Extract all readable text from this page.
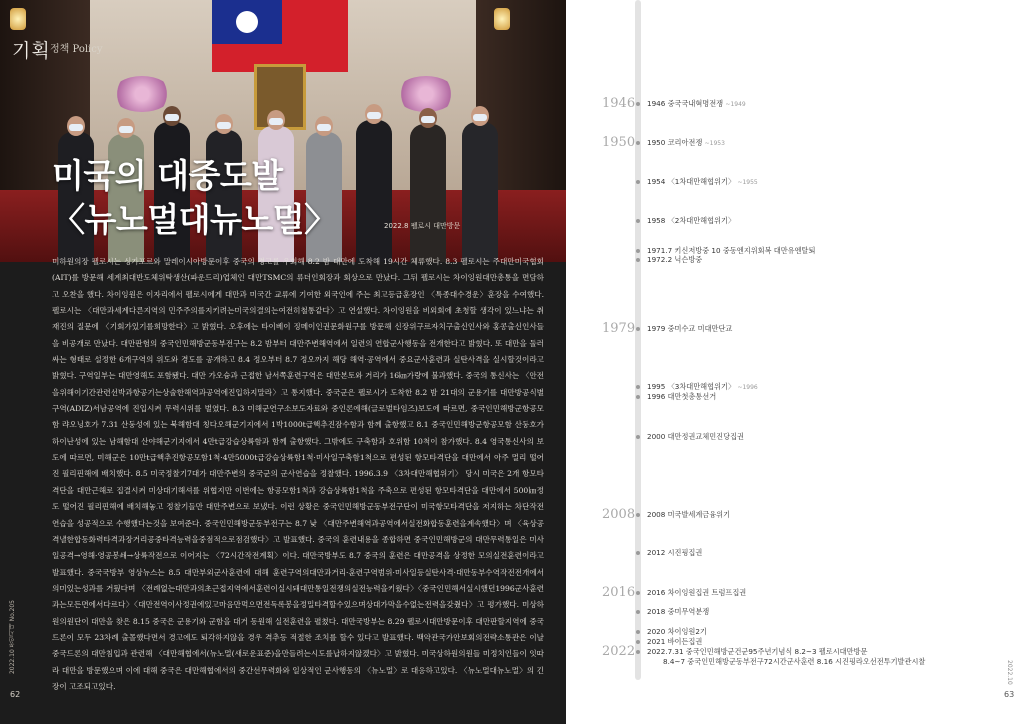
기획 정책 Policy
미국의 대중도발
〈뉴노멀대뉴노멀〉	2022.8 펠로시 대만방문
미하원의장 펠로시는 싱가포르와 말레이시아방문이후 중국의 경고를 우회해 8.2 밤 대만에 도착해 19시간 체류했다. 8.3 펠로시는 주대만미국협회(AIT)를 방문해 세계최대반도체위탁생산(파운드리)업체인 대만TSMC의 류더인회장과 회상으로 만났다. 그뒤 펠로시는 차이잉원대만총통을 면담하고 오찬을 했다. 차이잉원은 이자리에서 펠로시에게 대만과 미국간 교류에 기여한 외국인에 주는 최고등급훈장인 〈특종대수경운〉훈장을 수여했다. 펠로시는 〈대만과세계다른지역의 민주주의를지키려는미국의결의는여전히철통같다〉고 연설했다. 차이잉원을 비외회에 초청할 생각이 있느냐는 취재진의 질문에 〈기회가있기를희망한다〉고 밝혔다. 오후에는 타이베이 징메이인권문화원구를 방문해 신장위구르자치구출신인사와 홍콩출신인사들을 비공개로 만났다. 대만판험의 중국인민해방군동부전구는 8.2 밤부터 대만주변해역에서 일련의 연합군사행동을 전개한다고 밝혔다. 또 대만을 둘러싸는 형태로 설정한 6개구역의 위도와 경도를 공개하고 8.4 정오부터 8.7 정오까지 해당 해역·공역에서 중요군사훈련과 실탄사격을 실시할것이라고 밝혔다. 구역일부는 대만영해도 포함됐다. 대만 가오슝과 근접한 남서쪽훈련구역은 대만본토와 거리가 16㎞가량에 불과했다. 중국의 통신사는 〈안전을위해이기간관련선박과항공기는상술한해역과공역에진입하지말라〉고 통지했다. 중국군은 펠로시가 도착한 8.2 밤 21대의 군용기를 대만방공식별구역(ADIZ)서남공역에 진입시켜 무력시위를 벌였다. 8.3 미해군연구소보도자료와 중인론에해(글로벌타임즈)보도에 따르면, 중국인민해방군항공모함 랴오닝호가 7.31 산둥성에 있는 북해함대 칭다오해군기지에서 1박1000t급핵추진잠수함과 함께 출항했고 8.1 중국인민해방군항공모함 산둥호가 하이난성에 있는 남해함대 산야해군기지에서 4만t급강습상륙함과 함께 출항했다. 그밖에도 구축함과 호위함 10척이 참가했다. 8.4 영국통신사의 보도에 따르면, 미해군은 10만t급핵추진항공모함1척·4만5000t급강습상륙함1척·미사일구축함1척으로 편성된 항모타격단을 대만에서 아주 멀리 떨어진 필리핀해에 배치했다. 8.5 미국정찰기7대가 대만주변의 중국군의 군사연습을 정찰했다. 1996.3.9 〈3차대만해협위기〉 당시 미국은 2개 항모타격단을 대만근해로 집결시켜 미상대기해셔를 위협지만 이번에는 항공모함1척과 강습상륙함1척을 주축으로 편성된 항모타격단을 대만에서 500㎞정도 떨어진 필리핀해에 배치해놓고 정찰기들만 대만주변으로 보냈다. 이런 상황은 중국인민해방군동부전구단이 미국항모타격단을 저지하는 차단작전연습을 성공적으로 수행했다는것을 보여준다. 중국인민해방군동부전구는 8.7 낮 〈대만주변해역과공역에서실전화합동훈련을계속했다〉며 〈육상공격낼한합동화력타격과장거리공중타격능력을중점적으로점검했다〉고 발표했다. 중국의 훈련내용을 종합하면 중국인민해방군의 대만무력통일은 미사일공격→영해·영공봉쇄→상륙작전으로 이어지는 〈72시간작전계획〉이다. 대만국방부도 8.7 중국의 훈련은 대만공격을 상정한 모의실전훈련이라고 발표했다. 중국국방부 영상뉴스는 8.5 대만부외군사훈련에 대해 훈련구역의대만과거리·훈련구역범위·미사일등실탄사격·대만동부수역작전전개에서 의미있는성과를 거뒀다며 〈전례없는대만과의초근접지역에서훈련이실시돼대만통일전쟁의실전능력을키웠다〉〈중국인민해서실시했던1996군사훈련과는모든면에서다르다〉〈대만전역이사정권에있고마음만먹으면전독록봉을정밀타격할수있으며상대가막을수없는전력을갖췄다〉고 평가했다. 미상하원의원단이 대만을 찾은 8.15 중국은 군용기와 군함을 대거 동원해 실전훈련을 펼쳤다. 대만국방부는 8.29 펠로시대만방문이후 대만판할지역에 중국드론이 모두 23차례 출몰했다면서 경고에도 퇴각하지않을 경우 격추등 적절한 조치를 할수 있다고 발표했다. 백악관국가안보회의전략소통관은 이날 중국드론의 대만침입과 관련해 〈대만해협에서(뉴노멀(새로운표준)을만들려는시도를납하지않겠다〉고 밝혔다. 미국상하원의원들 미정치인들이 잇따라 대만을 방문했으며 이에 대해 중국은 대만해협에서의 중간선무력화와 일상적인 군사행동의 〈뉴노멀〉로 대응하고있다. 〈뉴노멀대뉴노멀〉의 긴장이 고조되고있다.
2022.10 통일시대 No.205
62
1946
1950
1979
2008
2016
2022
1946 중국국내혁명전쟁 ~1949
1950 코리아전쟁 ~1953
1954 〈1차대만해협위기〉 ~1955
1958 〈2차대만해협위기〉
1971.7 키신저방중 10 중동엔지위회복 대만유엔탈퇴
1972.2 닉슨방중
1979 중미수교 미대만단교
1995 〈3차대만해협위기〉 ~1996
1996 대만첫총통선거
2000 대만정권교체민진당집권
2008 미국발세계금융위기
2012 시진핑집권
2016 차이잉원집권 트럼프집권
2018 중미무역분쟁
2020 차이잉원2기
2021 바이든집권
2022.7.31 중국인민해방군건군95주년기념식 8.2~3 펠로시대만방문
8.4~7 중국인민해방군동부전구72시간군사훈련 8.16 시진핑라오선전투기발관시찰	2022.10
63
